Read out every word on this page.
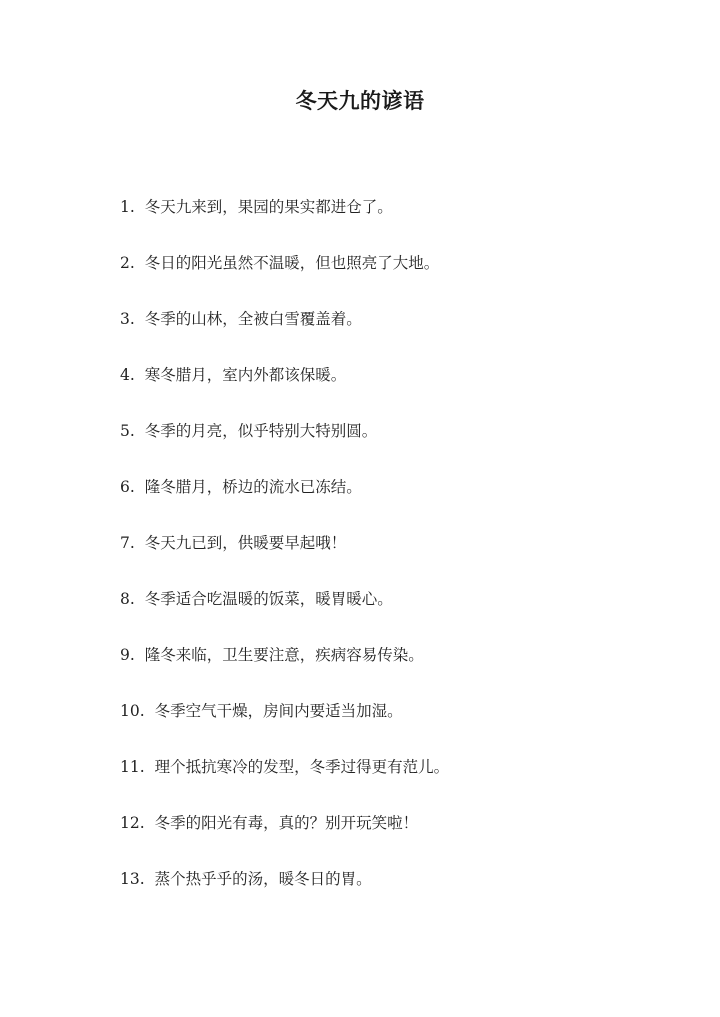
冬天九的谚语
1. 冬天九来到，果园的果实都进仓了。
2. 冬日的阳光虽然不温暖，但也照亮了大地。
3. 冬季的山林，全被白雪覆盖着。
4. 寒冬腊月，室内外都该保暖。
5. 冬季的月亮，似乎特别大特别圆。
6. 隆冬腊月，桥边的流水已冻结。
7. 冬天九已到，供暖要早起哦！
8. 冬季适合吃温暖的饭菜，暖胃暖心。
9. 隆冬来临，卫生要注意，疾病容易传染。
10. 冬季空气干燥，房间内要适当加湿。
11. 理个抵抗寒冷的发型，冬季过得更有范儿。
12. 冬季的阳光有毒，真的？别开玩笑啦！
13. 蒸个热乎乎的汤，暖冬日的胃。
